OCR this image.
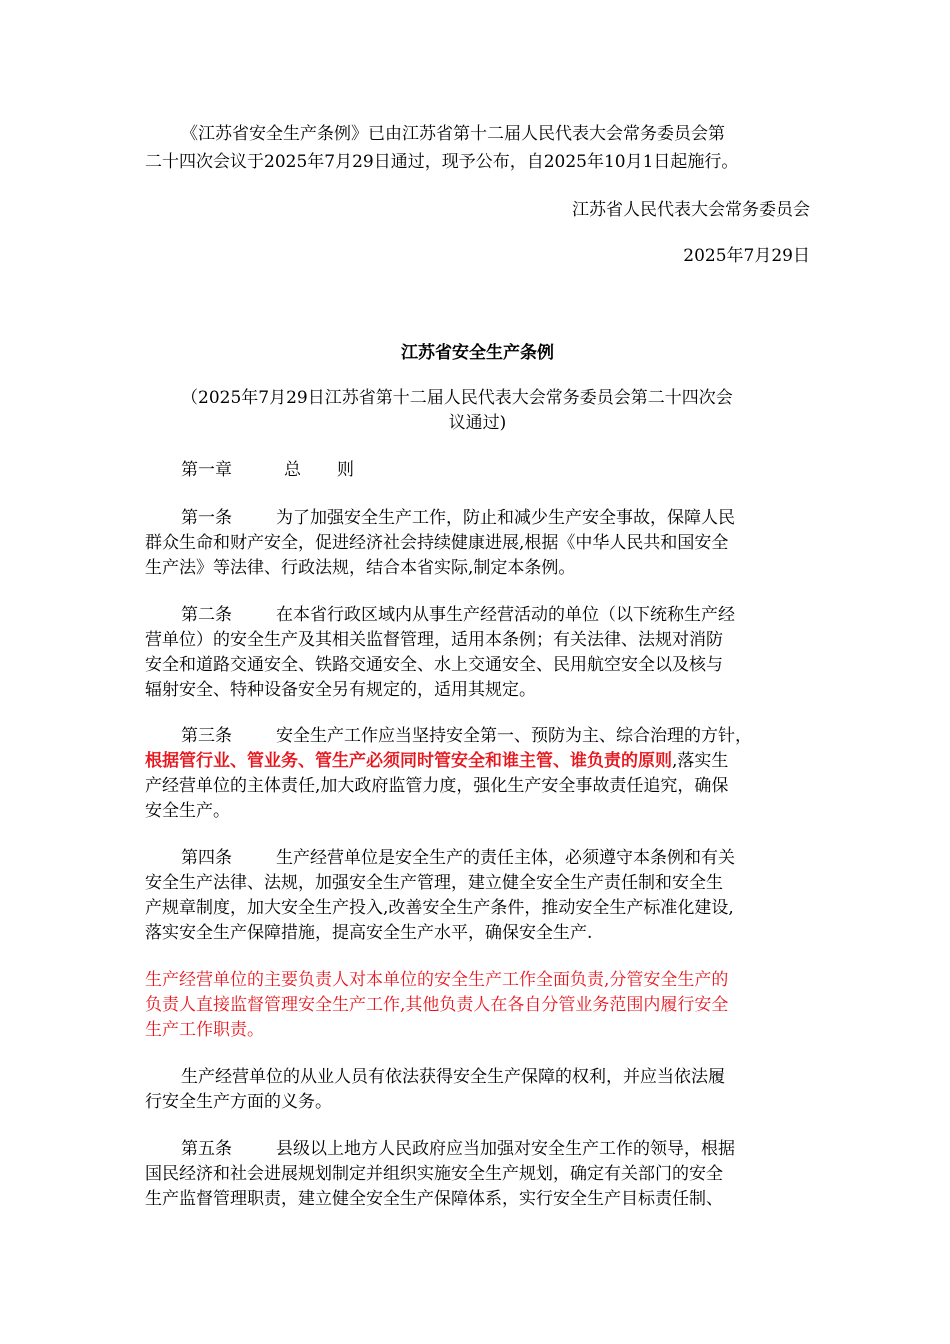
《江苏省安全生产条例》已由江苏省第十二届人民代表大会常务委员会第
二十四次会议于2025年7月29日通过，现予公布，自2025年10月1日起施行。
江苏省人民代表大会常务委员会
2025年7月29日
江苏省安全生产条例
（2025年7月29日江苏省第十二届人民代表大会常务委员会第二十四次会
议通过)
第一章	总 则
第一条	为了加强安全生产工作，防止和减少生产安全事故，保障人民
群众生命和财产安全，促进经济社会持续健康进展,根据《中华人民共和国安全
生产法》等法律、行政法规，结合本省实际,制定本条例。
第二条	在本省行政区域内从事生产经营活动的单位（以下统称生产经
营单位）的安全生产及其相关监督管理，适用本条例；有关法律、法规对消防
安全和道路交通安全、铁路交通安全、水上交通安全、民用航空安全以及核与
辐射安全、特种设备安全另有规定的，适用其规定。
第三条	安全生产工作应当坚持安全第一、预防为主、综合治理的方针，
根据管行业、管业务、管生产必须同时管安全和谁主管、谁负责的原则,落实生
产经营单位的主体责任,加大政府监管力度，强化生产安全事故责任追究，确保
安全生产。
第四条	生产经营单位是安全生产的责任主体，必须遵守本条例和有关
安全生产法律、法规，加强安全生产管理，建立健全安全生产责任制和安全生
产规章制度，加大安全生产投入,改善安全生产条件，推动安全生产标准化建设,
落实安全生产保障措施，提高安全生产水平，确保安全生产.
生产经营单位的主要负责人对本单位的安全生产工作全面负责,分管安全生产的
负责人直接监督管理安全生产工作,其他负责人在各自分管业务范围内履行安全
生产工作职责。
生产经营单位的从业人员有依法获得安全生产保障的权利，并应当依法履
行安全生产方面的义务。
第五条	县级以上地方人民政府应当加强对安全生产工作的领导，根据
国民经济和社会进展规划制定并组织实施安全生产规划，确定有关部门的安全
生产监督管理职责，建立健全安全生产保障体系，实行安全生产目标责任制、
